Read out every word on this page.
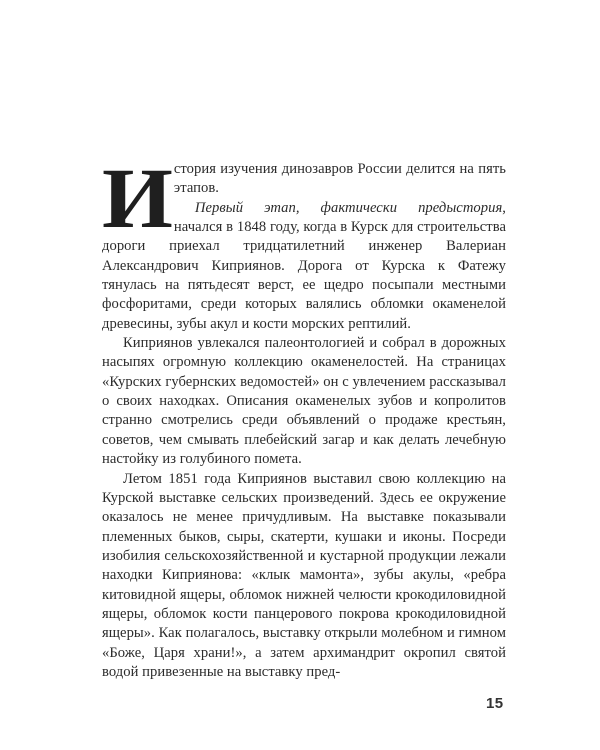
История изучения динозавров России делится на пять этапов.

Первый этап, фактически предыстория, начался в 1848 году, когда в Курск для строительства дороги приехал тридцатилетний инженер Валериан Александрович Киприянов. Дорога от Курска к Фатежу тянулась на пятьдесят верст, ее щедро посыпали местными фосфоритами, среди которых валялись обломки окаменелой древесины, зубы акул и кости морских рептилий.

Киприянов увлекался палеонтологией и собрал в дорожных насыпях огромную коллекцию окаменелостей. На страницах «Курских губернских ведомостей» он с увлечением рассказывал о своих находках. Описания окаменелых зубов и копролитов странно смотрелись среди объявлений о продаже крестьян, советов, чем смывать плебейский загар и как делать лечебную настойку из голубиного помета.

Летом 1851 года Киприянов выставил свою коллекцию на Курской выставке сельских произведений. Здесь ее окружение оказалось не менее причудливым. На выставке показывали племенных быков, сыры, скатерти, кушаки и иконы. Посреди изобилия сельскохозяйственной и кустарной продукции лежали находки Киприянова: «клык мамонта», зубы акулы, «ребра китовидной ящеры, обломок нижней челюсти крокодиловидной ящеры, обломок кости панцерового покрова крокодиловидной ящеры». Как полагалось, выставку открыли молебном и гимном «Боже, Царя храни!», а затем архимандрит окропил святой водой привезенные на выставку пред-

15
